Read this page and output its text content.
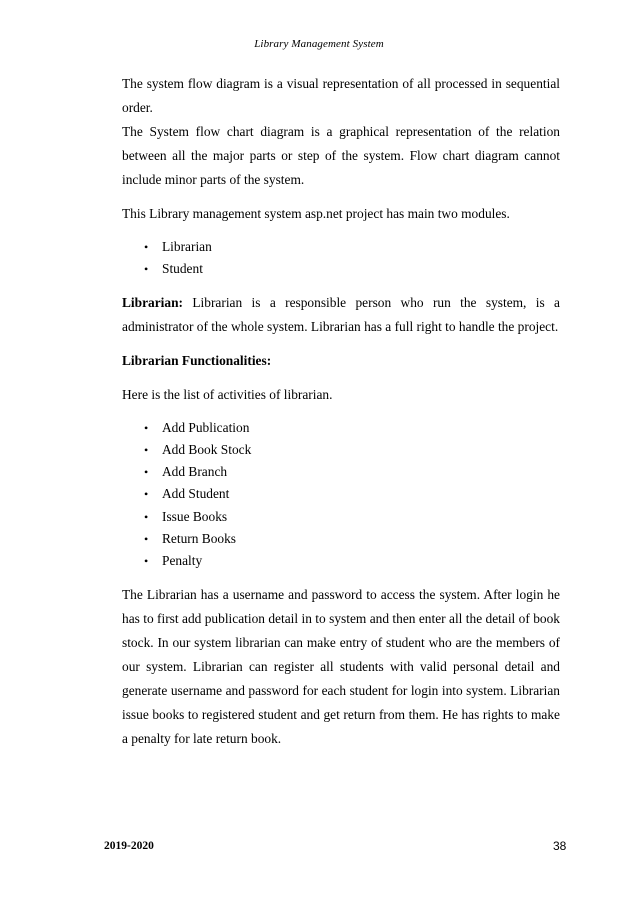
Library Management System

The system flow diagram is a visual representation of all processed in sequential order.

The System flow chart diagram is a graphical representation of the relation between all the major parts or step of the system. Flow chart diagram cannot include minor parts of the system.

This Library management system asp.net project has main two modules.

• Librarian
• Student

Librarian: Librarian is a responsible person who run the system, is a administrator of the whole system. Librarian has a full right to handle the project.

Librarian Functionalities:

Here is the list of activities of librarian.

• Add Publication
• Add Book Stock
• Add Branch
• Add Student
• Issue Books
• Return Books
• Penalty

The Librarian has a username and password to access the system. After login he has to first add publication detail in to system and then enter all the detail of book stock. In our system librarian can make entry of student who are the members of our system. Librarian can register all students with valid personal detail and generate username and password for each student for login into system. Librarian issue books to registered student and get return from them. He has rights to make a penalty for late return book.

2019-2020	38
